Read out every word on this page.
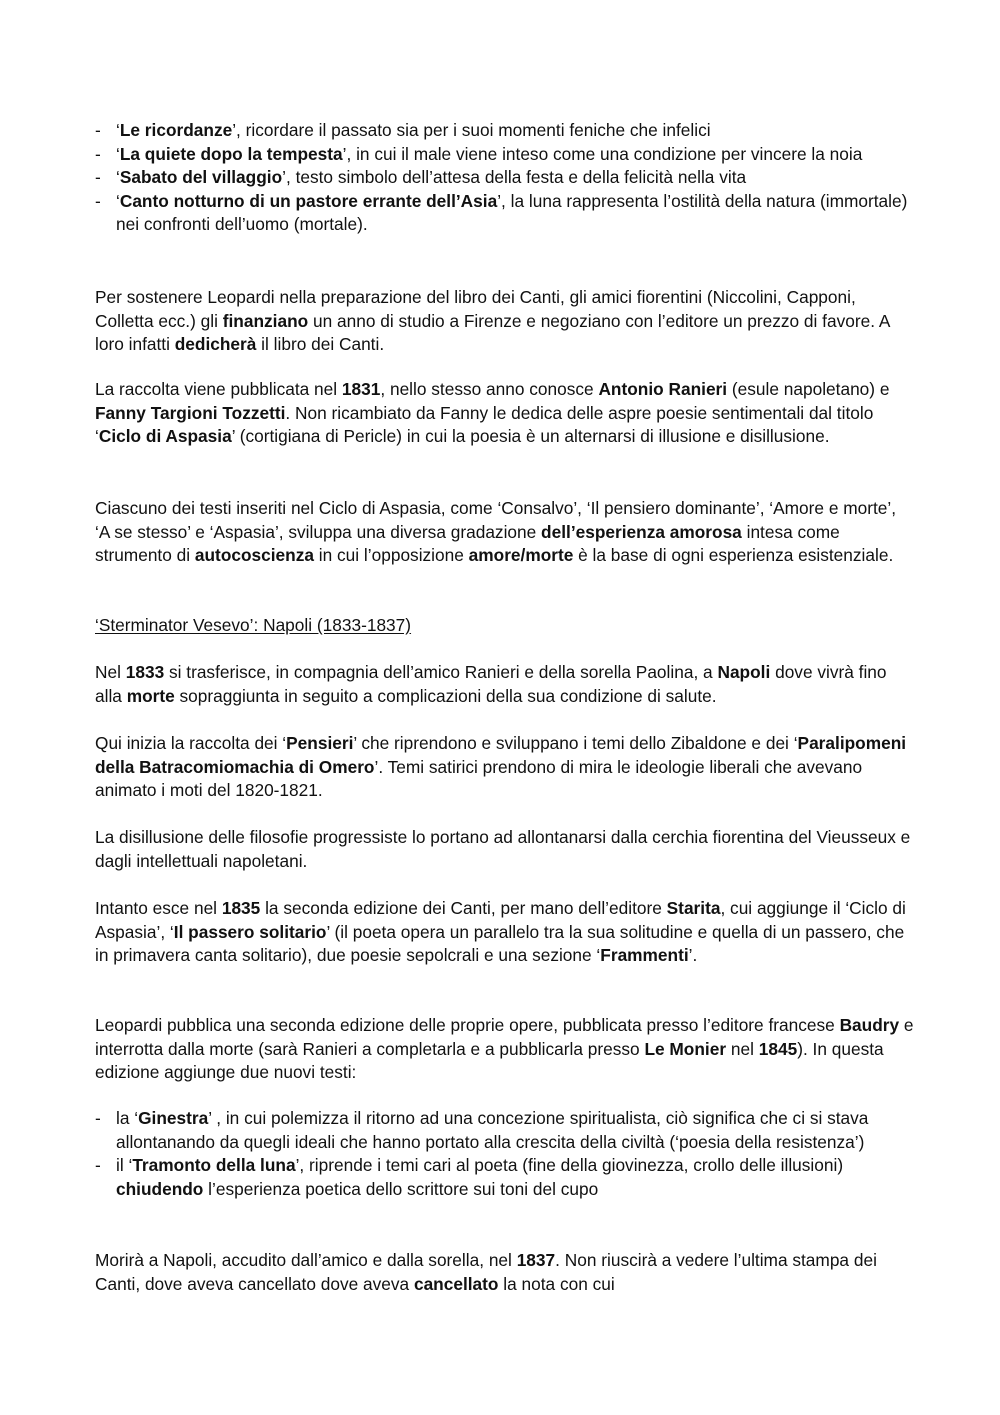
- ‘Le ricordanze’, ricordare il passato sia per i suoi momenti feniche che infelici
- ‘La quiete dopo la tempesta’, in cui il male viene inteso come una condizione per vincere la noia
- ‘Sabato del villaggio’, testo simbolo dell’attesa della festa e della felicità nella vita
- ‘Canto notturno di un pastore errante dell’Asia’, la luna rappresenta l’ostilità della natura (immortale) nei confronti dell’uomo (mortale).

Per sostenere Leopardi nella preparazione del libro dei Canti, gli amici fiorentini (Niccolini, Capponi, Colletta ecc.) gli finanziano un anno di studio a Firenze e negoziano con l’editore un prezzo di favore. A loro infatti dedicherà il libro dei Canti.

La raccolta viene pubblicata nel 1831, nello stesso anno conosce Antonio Ranieri (esule napoletano) e  Fanny Targioni Tozzetti. Non ricambiato da Fanny le dedica delle aspre poesie sentimentali dal titolo ‘Ciclo di Aspasia’ (cortigiana di Pericle) in cui la poesia è un alternarsi di illusione e disillusione.

Ciascuno dei testi inseriti nel Ciclo di Aspasia, come ‘Consalvo’, ‘Il pensiero dominante’, ‘Amore e morte’, ‘A se stesso’ e ‘Aspasia’, sviluppa una diversa gradazione dell’esperienza amorosa intesa come strumento di autocoscienza in cui l’opposizione amore/morte è la base di ogni esperienza esistenziale.

‘Sterminator Vesevo’: Napoli (1833-1837)

Nel 1833 si trasferisce, in compagnia dell’amico Ranieri e della sorella Paolina, a Napoli dove vivrà fino alla morte sopraggiunta in seguito a complicazioni della sua condizione di salute.

Qui inizia la raccolta dei ‘Pensieri’ che riprendono e sviluppano i temi dello Zibaldone e dei ‘Paralipomeni della Batracomiomachia di Omero’. Temi satirici prendono di mira le ideologie liberali che avevano animato i moti del 1820-1821.

La disillusione delle filosofie progressiste lo portano ad allontanarsi dalla cerchia fiorentina del Vieusseux e dagli intellettuali napoletani.

Intanto esce nel 1835 la seconda edizione dei Canti, per mano dell’editore Starita, cui aggiunge il ‘Ciclo di Aspasia’, ‘Il passero solitario’ (il poeta opera un parallelo tra la sua solitudine e quella di un passero, che in primavera canta solitario), due poesie sepolcrali e una sezione ‘Frammenti’.

Leopardi pubblica una seconda edizione delle proprie opere, pubblicata presso l’editore francese Baudry e interrotta dalla morte (sarà Ranieri a completarla e a pubblicarla presso Le Monier nel 1845). In questa edizione aggiunge due nuovi testi:

- la ‘Ginestra’ , in cui polemizza il ritorno ad una concezione spiritualista, ciò significa che ci si stava allontanando da quegli ideali che hanno portato alla crescita della civiltà (‘poesia della resistenza’)
- il ‘Tramonto della luna’, riprende i temi cari al poeta (fine della giovinezza, crollo delle illusioni) chiudendo l’esperienza poetica dello scrittore sui toni del cupo

Morirà a Napoli, accudito dall’amico e dalla sorella, nel 1837. Non riuscirà a vedere l’ultima stampa dei Canti, dove aveva cancellato dove aveva cancellato la nota con cui
